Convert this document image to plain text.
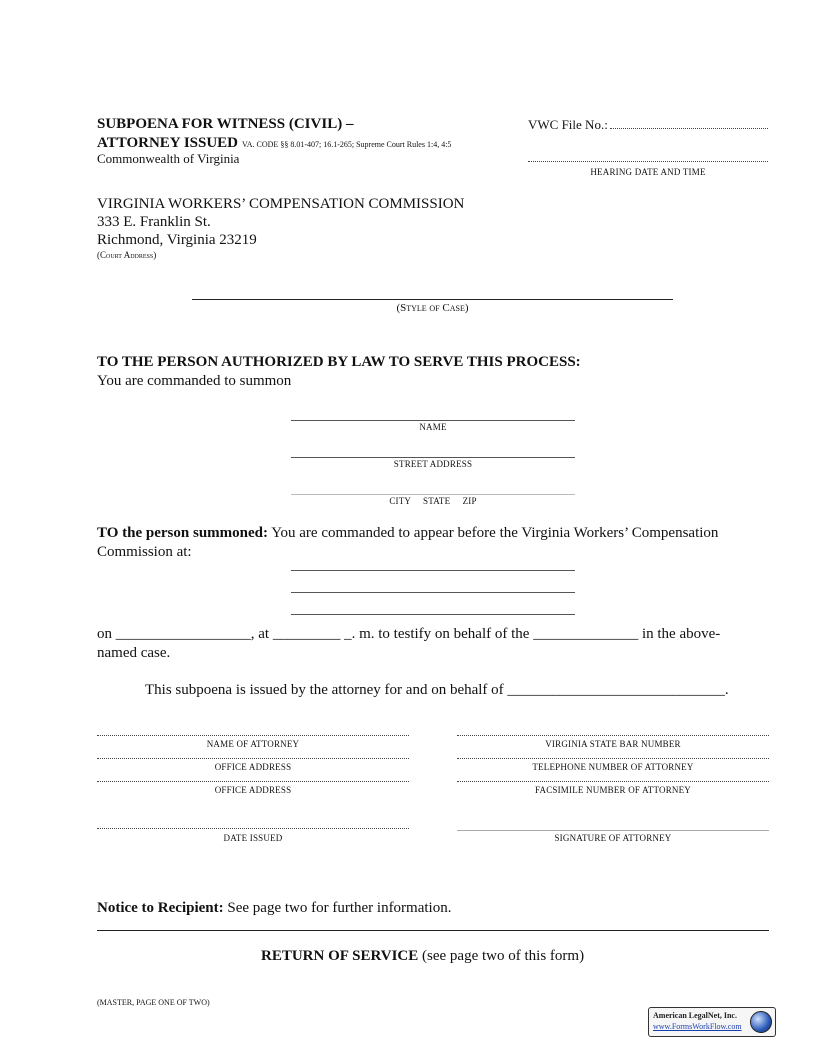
SUBPOENA FOR WITNESS (CIVIL) –
ATTORNEY ISSUED VA. CODE §§ 8.01-407; 16.1-265; Supreme Court Rules 1:4, 4:5
Commonwealth of Virginia
VWC File No.:
HEARING DATE AND TIME
VIRGINIA WORKERS’ COMPENSATION COMMISSION
333 E. Franklin St.
Richmond, Virginia 23219
(Court Address)
(Style of Case)
TO THE PERSON AUTHORIZED BY LAW TO SERVE THIS PROCESS:
You are commanded to summon
NAME
STREET ADDRESS
CITY     STATE     ZIP
TO the person summoned: You are commanded to appear before the Virginia Workers’ Compensation
Commission at:
on __________________, at _________ _. m. to testify on behalf of the ______________ in the above-
named case.
This subpoena is issued by the attorney for and on behalf of _____________________________.
NAME OF ATTORNEY
OFFICE ADDRESS
OFFICE ADDRESS
DATE ISSUED
VIRGINIA STATE BAR NUMBER
TELEPHONE NUMBER OF ATTORNEY
FACSIMILE NUMBER OF ATTORNEY
SIGNATURE OF ATTORNEY
Notice to Recipient: See page two for further information.
RETURN OF SERVICE (see page two of this form)
(MASTER, PAGE ONE OF TWO)
American LegalNet, Inc.
www.FormsWorkFlow.com
